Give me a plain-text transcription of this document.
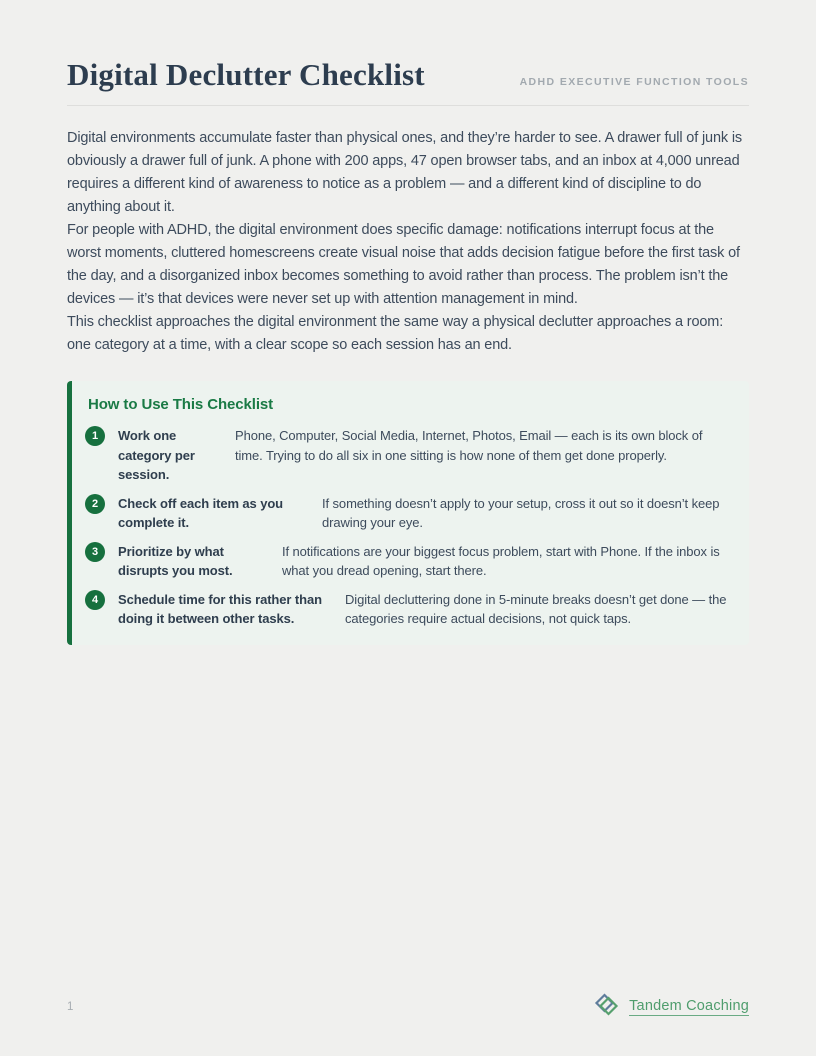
Digital Declutter Checklist	ADHD EXECUTIVE FUNCTION TOOLS

Digital environments accumulate faster than physical ones, and they’re harder to see. A drawer full of junk is obviously a drawer full of junk. A phone with 200 apps, 47 open browser tabs, and an inbox at 4,000 unread requires a different kind of awareness to notice as a problem — and a different kind of discipline to do anything about it.

For people with ADHD, the digital environment does specific damage: notifications interrupt focus at the worst moments, cluttered homescreens create visual noise that adds decision fatigue before the first task of the day, and a disorganized inbox becomes something to avoid rather than process. The problem isn’t the devices — it’s that devices were never set up with attention management in mind.

This checklist approaches the digital environment the same way a physical declutter approaches a room: one category at a time, with a clear scope so each session has an end.

How to Use This Checklist
1	Work one category per session.
Phone, Computer, Social Media, Internet, Photos, Email — each is its own block of time. Trying to do all six in one sitting is how none of them get done properly.
2	Check off each item as you complete it.
If something doesn’t apply to your setup, cross it out so it doesn’t keep drawing your eye.
3	Prioritize by what disrupts you most.
If notifications are your biggest focus problem, start with Phone. If the inbox is what you dread opening, start there.
4	Schedule time for this rather than doing it between other tasks.
Digital decluttering done in 5-minute breaks doesn’t get done — the categories require actual decisions, not quick taps.
1	Tandem Coaching
